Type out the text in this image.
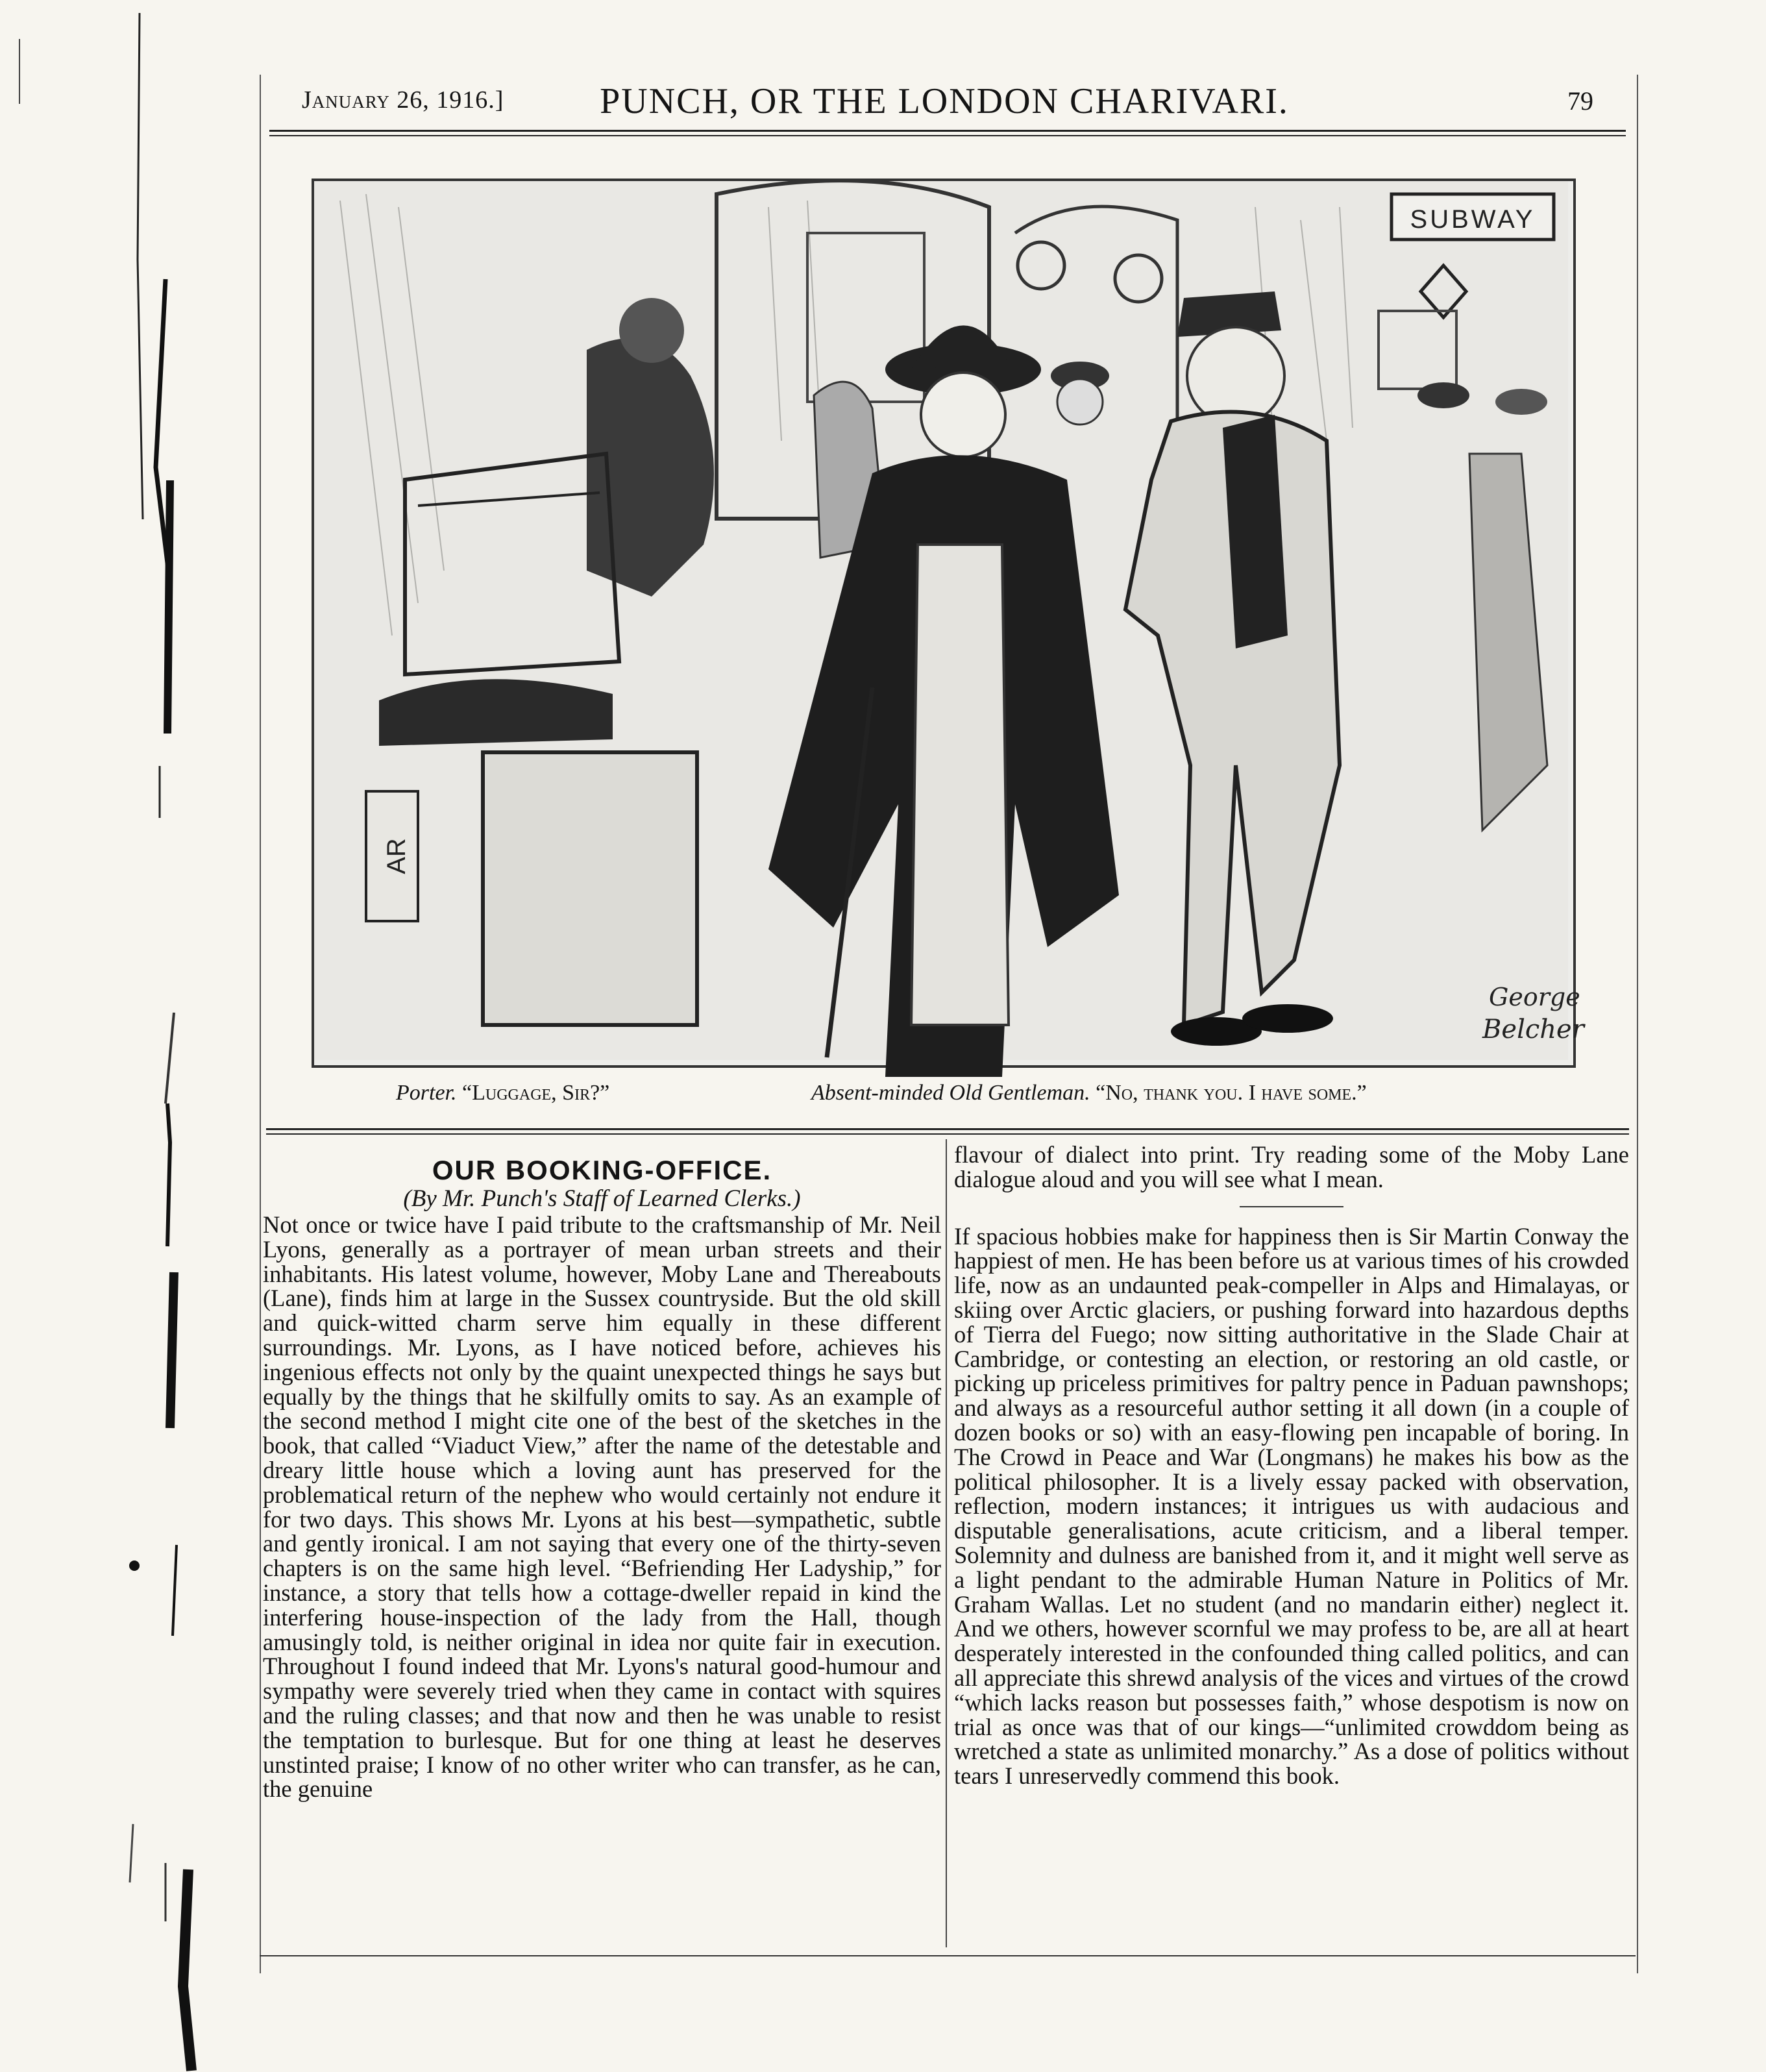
January 26, 1916.]	PUNCH, OR THE LONDON CHARIVARI.	79
SUBWAY
AR
George
Belcher
Porter. “Luggage, Sir?”	Absent-minded Old Gentleman. “No, thank you. I have some.”

OUR BOOKING-OFFICE.

(By Mr. Punch's Staff of Learned Clerks.)

Not once or twice have I paid tribute to the craftsmanship of Mr. Neil Lyons, generally as a portrayer of mean urban streets and their inhabitants. His latest volume, however, Moby Lane and Thereabouts (Lane), finds him at large in the Sussex countryside. But the old skill and quick-witted charm serve him equally in these different surroundings. Mr. Lyons, as I have noticed before, achieves his ingenious effects not only by the quaint unexpected things he says but equally by the things that he skilfully omits to say. As an example of the second method I might cite one of the best of the sketches in the book, that called “Viaduct View,” after the name of the detestable and dreary little house which a loving aunt has preserved for the problematical return of the nephew who would certainly not endure it for two days. This shows Mr. Lyons at his best—sympathetic, subtle and gently ironical. I am not saying that every one of the thirty-seven chapters is on the same high level. “Befriending Her Ladyship,” for instance, a story that tells how a cottage-dweller repaid in kind the interfering house-inspection of the lady from the Hall, though amusingly told, is neither original in idea nor quite fair in execution. Throughout I found indeed that Mr. Lyons's natural good-humour and sympathy were severely tried when they came in contact with squires and the ruling classes; and that now and then he was unable to resist the temptation to burlesque. But for one thing at least he deserves unstinted praise; I know of no other writer who can transfer, as he can, the genuine

flavour of dialect into print. Try reading some of the Moby Lane dialogue aloud and you will see what I mean.

If spacious hobbies make for happiness then is Sir Martin Conway the happiest of men. He has been before us at various times of his crowded life, now as an undaunted peak-compeller in Alps and Himalayas, or skiing over Arctic glaciers, or pushing forward into hazardous depths of Tierra del Fuego; now sitting authoritative in the Slade Chair at Cambridge, or contesting an election, or restoring an old castle, or picking up priceless primitives for paltry pence in Paduan pawnshops; and always as a resourceful author setting it all down (in a couple of dozen books or so) with an easy-flowing pen incapable of boring. In The Crowd in Peace and War (Longmans) he makes his bow as the political philosopher. It is a lively essay packed with observation, reflection, modern instances; it intrigues us with audacious and disputable generalisations, acute criticism, and a liberal temper. Solemnity and dulness are banished from it, and it might well serve as a light pendant to the admirable Human Nature in Politics of Mr. Graham Wallas. Let no student (and no mandarin either) neglect it. And we others, however scornful we may profess to be, are all at heart desperately interested in the confounded thing called politics, and can all appreciate this shrewd analysis of the vices and virtues of the crowd “which lacks reason but possesses faith,” whose despotism is now on trial as once was that of our kings—“unlimited crowddom being as wretched a state as unlimited monarchy.” As a dose of politics without tears I unreservedly commend this book.
